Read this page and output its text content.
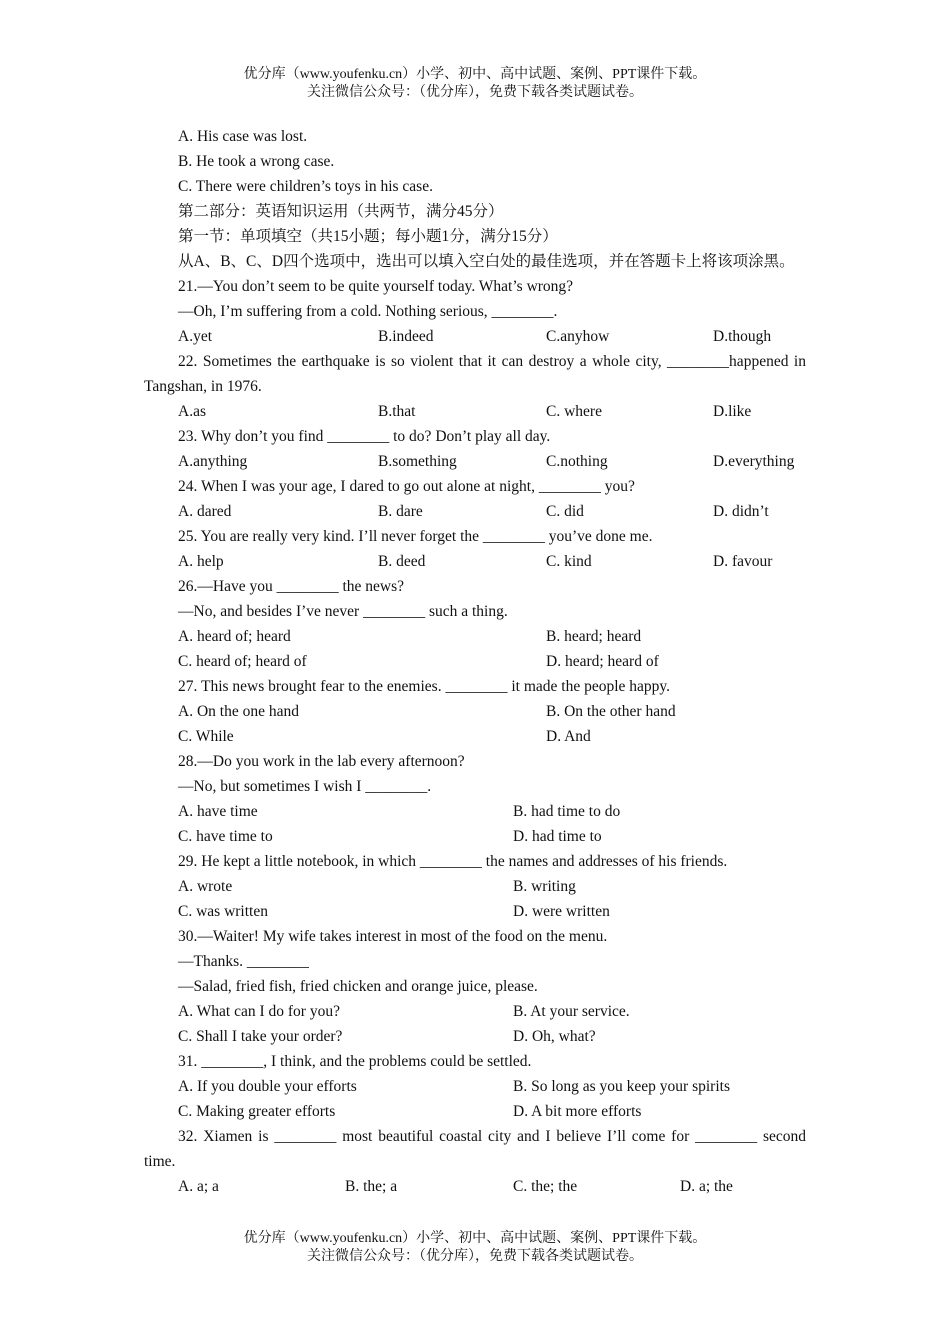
优分库（www.youfenku.cn）小学、初中、高中试题、案例、PPT课件下载。
关注微信公众号：（优分库），免费下载各类试题试卷。
A. His case was lost.
B. He took a wrong case.
C. There were children’s toys in his case.
第二部分：英语知识运用（共两节，满分45分）
第一节：单项填空（共15小题；每小题1分，满分15分）
从A、B、C、D四个选项中，选出可以填入空白处的最佳选项，并在答题卡上将该项涂黑。
21.—You don’t seem to be quite yourself today. What’s wrong?
—Oh, I’m suffering from a cold. Nothing serious, ________.
A.yet	B.indeed	C.anyhow	D.though
22. Sometimes the earthquake is so violent that it can destroy a whole city, ________happened in Tangshan, in 1976.
A.as	B.that	C. where	D.like
23. Why don’t you find ________ to do? Don’t play all day.
A.anything	B.something	C.nothing	D.everything
24. When I was your age, I dared to go out alone at night, ________ you?
A. dared	B. dare	C. did	D. didn’t
25. You are really very kind. I’ll never forget the ________ you’ve done me.
A. help	B. deed	C. kind	D. favour
26.—Have you ________ the news?
—No, and besides I’ve never ________ such a thing.
A. heard of; heard	B. heard; heard
C. heard of; heard of	D. heard; heard of
27. This news brought fear to the enemies. ________ it made the people happy.
A. On the one hand	B. On the other hand
C. While	D. And
28.—Do you work in the lab every afternoon?
—No, but sometimes I wish I ________.
A. have time	B. had time to do
C. have time to	D. had time to
29. He kept a little notebook, in which ________ the names and addresses of his friends.
A. wrote	B. writing
C. was written	D. were written
30.—Waiter! My wife takes interest in most of the food on the menu.
—Thanks. ________
—Salad, fried fish, fried chicken and orange juice, please.
A. What can I do for you?	B. At your service.
C. Shall I take your order?	D. Oh, what?
31. ________, I think, and the problems could be settled.
A. If you double your efforts	B. So long as you keep your spirits
C. Making greater efforts	D. A bit more efforts
32. Xiamen is ________ most beautiful coastal city and I believe I’ll come for ________ second time.
A. a; a	B. the; a	C. the; the	D. a; the
优分库（www.youfenku.cn）小学、初中、高中试题、案例、PPT课件下载。
关注微信公众号：（优分库），免费下载各类试题试卷。
